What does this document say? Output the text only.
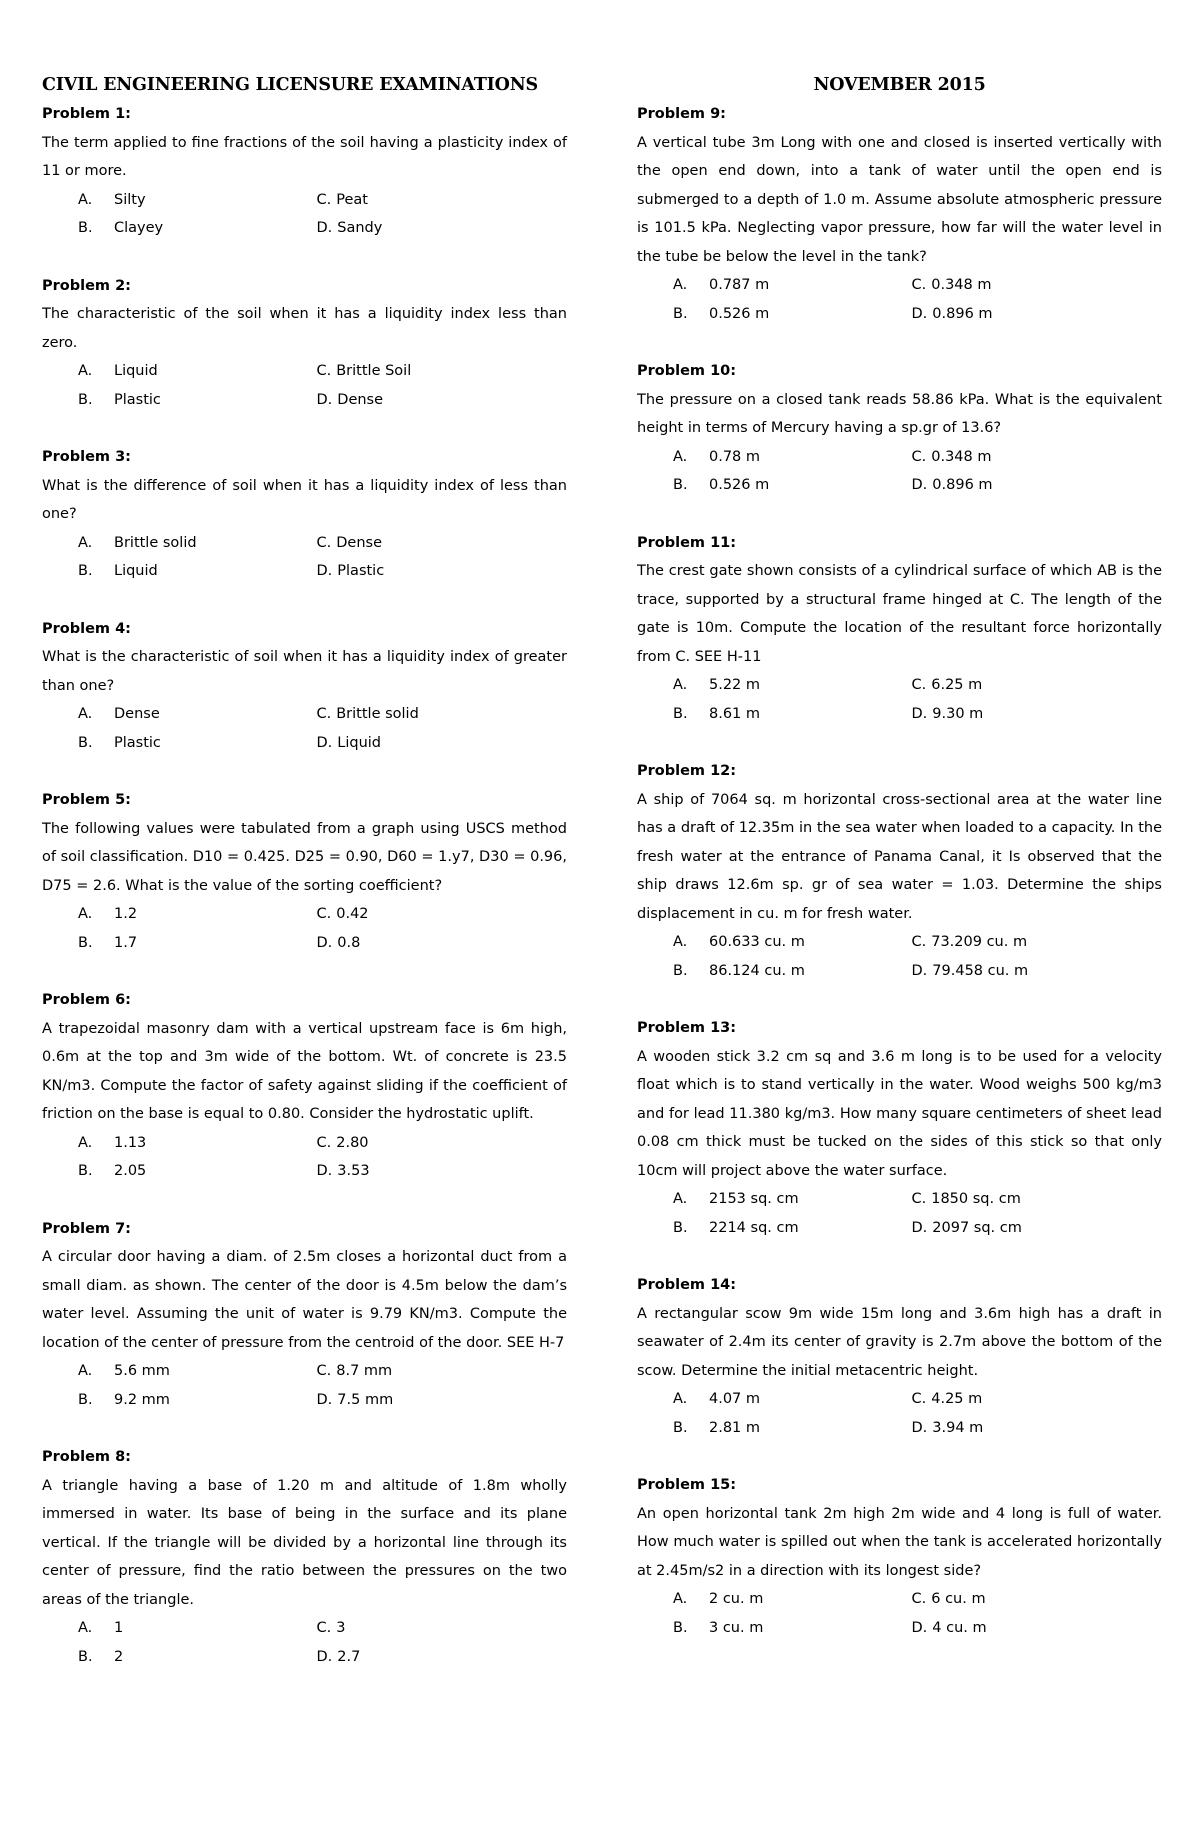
CIVIL ENGINEERING LICENSURE EXAMINATIONS
Problem 1:
The term applied to fine fractions of the soil having a plasticity index of 11 or more.
A.	Silty	C. Peat
B.	Clayey	D. Sandy
Problem 2:
The characteristic of the soil when it has a liquidity index less than zero.
A.	Liquid	C. Brittle Soil
B.	Plastic	D. Dense
Problem 3:
What is the difference of soil when it has a liquidity index of less than one?
A.	Brittle solid	C. Dense
B.	Liquid	D. Plastic
Problem 4:
What is the characteristic of soil when it has a liquidity index of greater than one?
A.	Dense	C. Brittle solid
B.	Plastic	D. Liquid
Problem 5:
The following values were tabulated from a graph using USCS method of soil classification. D10 = 0.425. D25 = 0.90, D60 = 1.y7, D30 = 0.96, D75 = 2.6. What is the value of the sorting coefficient?
A.	1.2	C. 0.42
B.	1.7	D. 0.8
Problem 6:
A trapezoidal masonry dam with a vertical upstream face is 6m high, 0.6m at the top and 3m wide of the bottom. Wt. of concrete is 23.5 KN/m3. Compute the factor of safety against sliding if the coefficient of friction on the base is equal to 0.80. Consider the hydrostatic uplift.
A.	1.13	C. 2.80
B.	2.05	D. 3.53
Problem 7:
A circular door having a diam. of 2.5m closes a horizontal duct from a small diam. as shown. The center of the door is 4.5m below the dam’s water level. Assuming the unit of water is 9.79 KN/m3. Compute the location of the center of pressure from the centroid of the door. SEE H-7
A.	5.6 mm	C. 8.7 mm
B.	9.2 mm	D. 7.5 mm
Problem 8:
A triangle having a base of 1.20 m and altitude of 1.8m wholly immersed in water. Its base of being in the surface and its plane vertical. If the triangle will be divided by a horizontal line through its center of pressure, find the ratio between the pressures on the two areas of the triangle.
A.	1	C. 3
B.	2	D. 2.7
NOVEMBER 2015
Problem 9:
A vertical tube 3m Long with one and closed is inserted vertically with the open end down, into a tank of water until the open end is submerged to a depth of 1.0 m. Assume absolute atmospheric pressure is 101.5 kPa. Neglecting vapor pressure, how far will the water level in the tube be below the level in the tank?
A.	0.787 m	C. 0.348 m
B.	0.526 m	D. 0.896 m
Problem 10:
The pressure on a closed tank reads 58.86 kPa. What is the equivalent height in terms of Mercury having a sp.gr of 13.6?
A.	0.78 m	C. 0.348 m
B.	0.526 m	D. 0.896 m
Problem 11:
The crest gate shown consists of a cylindrical surface of which AB is the trace, supported by a structural frame hinged at C. The length of the gate is 10m. Compute the location of the resultant force horizontally from C. SEE H-11
A.	5.22 m	C. 6.25 m
B.	8.61 m	D. 9.30 m
Problem 12:
A ship of 7064 sq. m horizontal cross-sectional area at the water line has a draft of 12.35m in the sea water when loaded to a capacity. In the fresh water at the entrance of Panama Canal, it Is observed that the ship draws 12.6m sp. gr of sea water = 1.03. Determine the ships displacement in cu. m for fresh water.
A.	60.633 cu. m	C. 73.209 cu. m
B.	86.124 cu. m	D. 79.458 cu. m
Problem 13:
A wooden stick 3.2 cm sq and 3.6 m long is to be used for a velocity float which is to stand vertically in the water. Wood weighs 500 kg/m3 and for lead 11.380 kg/m3. How many square centimeters of sheet lead 0.08 cm thick must be tucked on the sides of this stick so that only 10cm will project above the water surface.
A.	2153 sq. cm	C. 1850 sq. cm
B.	2214 sq. cm	D. 2097 sq. cm
Problem 14:
A rectangular scow 9m wide 15m long and 3.6m high has a draft in seawater of 2.4m its center of gravity is 2.7m above the bottom of the scow. Determine the initial metacentric height.
A.	4.07 m	C. 4.25 m
B.	2.81 m	D. 3.94 m
Problem 15:
An open horizontal tank 2m high 2m wide and 4 long is full of water. How much water is spilled out when the tank is accelerated horizontally at 2.45m/s2 in a direction with its longest side?
A.	2 cu. m	C. 6 cu. m
B.	3 cu. m	D. 4 cu. m
